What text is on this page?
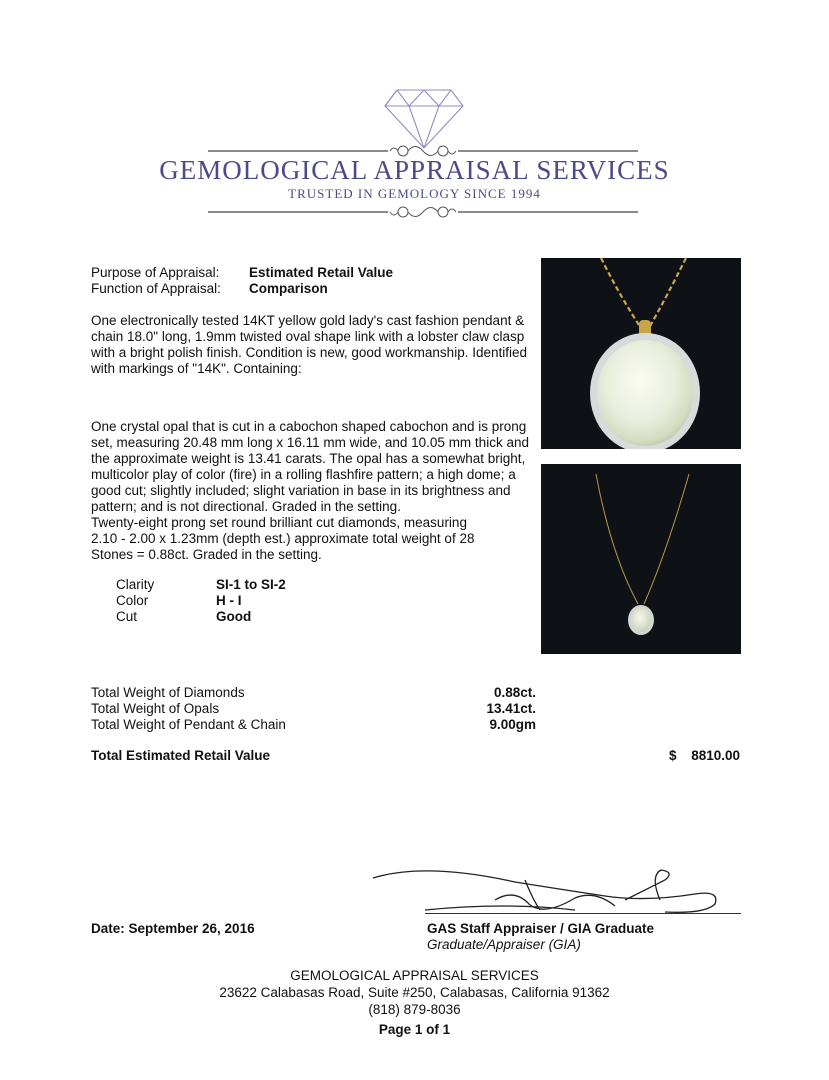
GEMOLOGICAL APPRAISAL SERVICES
TRUSTED IN GEMOLOGY SINCE 1994
Purpose of Appraisal: Estimated Retail Value
Function of Appraisal: Comparison
One electronically tested 14KT yellow gold lady's cast fashion pendant & chain 18.0" long, 1.9mm twisted oval shape link with a lobster claw clasp with a bright polish finish. Condition is new, good workmanship. Identified with markings of "14K". Containing:
One crystal opal that is cut in a cabochon shaped cabochon and is prong set, measuring 20.48 mm long x 16.11 mm wide, and 10.05 mm thick and the approximate weight is 13.41 carats. The opal has a somewhat bright, multicolor play of color (fire) in a rolling flashfire pattern; a high dome; a good cut; slightly included; slight variation in base in its brightness and pattern; and is not directional. Graded in the setting.
Twenty-eight prong set round brilliant cut diamonds, measuring 2.10 - 2.00 x 1.23mm (depth est.) approximate total weight of 28 Stones = 0.88ct. Graded in the setting.
Clarity	SI-1 to SI-2
Color	H - I
Cut	Good
Total Weight of Diamonds	0.88ct.
Total Weight of Opals	13.41ct.
Total Weight of Pendant & Chain	9.00gm
Total Estimated Retail Value	$	8810.00
Date: September 26, 2016	GAS Staff Appraiser / GIA Graduate
Graduate/Appraiser (GIA)
GEMOLOGICAL APPRAISAL SERVICES
23622 Calabasas Road, Suite #250, Calabasas, California 91362
(818) 879-8036
Page 1 of 1
